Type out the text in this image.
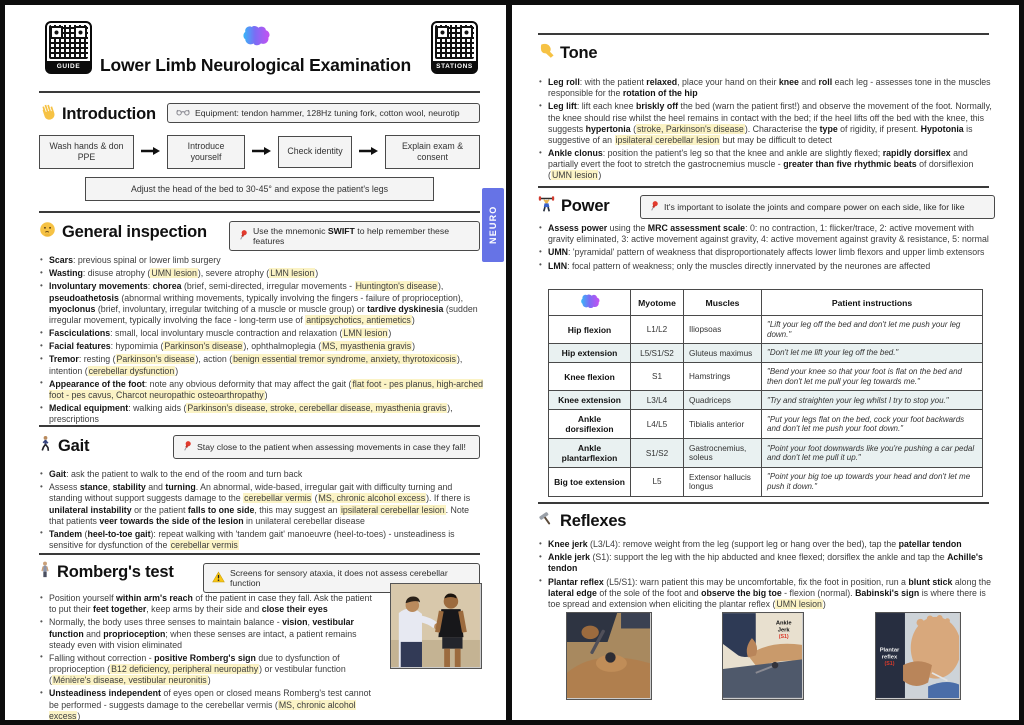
GUIDE	Lower Limb Neurological Examination	STATIONS
Introduction	Equipment: tendon hammer, 128Hz tuning fork, cotton wool, neurotip
Wash hands & don PPE
Introduce yourself
Check identity
Explain exam & consent
Adjust the head of the bed to 30-45° and expose the patient's legs
General inspection	Use the mnemonic SWIFT to help remember these features
• Scars: previous spinal or lower limb surgery
• Wasting: disuse atrophy (UMN lesion), severe atrophy (LMN lesion)
• Involuntary movements: chorea (brief, semi-directed, irregular movements - Huntington's disease), pseudoathetosis (abnormal writhing movements, typically involving the fingers - failure of proprioception), myoclonus (brief, involuntary, irregular twitching of a muscle or muscle group) or tardive dyskinesia (sudden irregular movement, typically involving the face - long-term use of antipsychotics, antiemetics)
• Fasciculations: small, local involuntary muscle contraction and relaxation (LMN lesion)
• Facial features: hypomimia (Parkinson's disease), ophthalmoplegia (MS, myasthenia gravis)
• Tremor: resting (Parkinson's disease), action (benign essential tremor syndrome, anxiety, thyrotoxicosis), intention (cerebellar dysfunction)
• Appearance of the foot: note any obvious deformity that may affect the gait (flat foot - pes planus, high-arched foot - pes cavus, Charcot neuropathic osteoarthropathy)
• Medical equipment: walking aids (Parkinson's disease, stroke, cerebellar disease, myasthenia gravis), prescriptions
Gait	Stay close to the patient when assessing movements in case they fall!
• Gait: ask the patient to walk to the end of the room and turn back
• Assess stance, stability and turning. An abnormal, wide-based, irregular gait with difficulty turning and standing without support suggests damage to the cerebellar vermis (MS, chronic alcohol excess). If there is unilateral instability or the patient falls to one side, this may suggest an ipsilateral cerebellar lesion. Note that patients veer towards the side of the lesion in unilateral cerebellar disease
• Tandem (heel-to-toe gait): repeat walking with 'tandem gait' manoeuvre (heel-to-toes) - unsteadiness is sensitive for dysfunction of the cerebellar vermis
Romberg's test	Screens for sensory ataxia, it does not assess cerebellar function
• Position yourself within arm's reach of the patient in case they fall. Ask the patient to put their feet together, keep arms by their side and close their eyes
• Normally, the body uses three senses to maintain balance - vision, vestibular function and proprioception; when these senses are intact, a patient remains steady even with vision eliminated
• Falling without correction - positive Romberg's sign due to dysfunction of proprioception (B12 deficiency, peripheral neuropathy) or vestibular function (Ménière's disease, vestibular neuronitis)
• Unsteadiness independent of eyes open or closed means Romberg's test cannot be performed - suggests damage to the cerebellar vermis (MS, chronic alcohol excess)
NEURO
Tone
• Leg roll: with the patient relaxed, place your hand on their knee and roll each leg - assesses tone in the muscles responsible for the rotation of the hip
• Leg lift: lift each knee briskly off the bed (warn the patient first!) and observe the movement of the foot. Normally, the knee should rise whilst the heel remains in contact with the bed; if the heel lifts off the bed with the knee, this suggests hypertonia (stroke, Parkinson's disease). Characterise the type of rigidity, if present. Hypotonia is suggestive of an ipsilateral cerebellar lesion but may be difficult to detect
• Ankle clonus: position the patient's leg so that the knee and ankle are slightly flexed; rapidly dorsiflex and partially evert the foot to stretch the gastrocnemius muscle - greater than five rhythmic beats of dorsiflexion (UMN lesion)
Power	It's important to isolate the joints and compare power on each side, like for like
• Assess power using the MRC assessment scale: 0: no contraction, 1: flicker/trace, 2: active movement with gravity eliminated, 3: active movement against gravity, 4: active movement against gravity & resistance, 5: normal
• UMN: 'pyramidal' pattern of weakness that disproportionately affects lower limb flexors and upper limb extensors
• LMN: focal pattern of weakness; only the muscles directly innervated by the neurones are affected
	Myotome	Muscles	Patient instructions
Hip flexion	L1/L2	Iliopsoas	"Lift your leg off the bed and don't let me push your leg down."
Hip extension	L5/S1/S2	Gluteus maximus	"Don't let me lift your leg off the bed."
Knee flexion	S1	Hamstrings	"Bend your knee so that your foot is flat on the bed and then don't let me pull your leg towards me."
Knee extension	L3/L4	Quadriceps	"Try and straighten your leg whilst I try to stop you."
Ankle dorsiflexion	L4/L5	Tibialis anterior	"Put your legs flat on the bed, cock your foot backwards and don't let me push your foot down."
Ankle plantarflexion	S1/S2	Gastrocnemius, soleus	"Point your foot downwards like you're pushing a car pedal and don't let me pull it up."
Big toe extension	L5	Extensor hallucis longus	"Point your big toe up towards your head and don't let me push it down."
Reflexes
• Knee jerk (L3/L4): remove weight from the leg (support leg or hang over the bed), tap the patellar tendon
• Ankle jerk (S1): support the leg with the hip abducted and knee flexed; dorsiflex the ankle and tap the Achille's tendon
• Plantar reflex (L5/S1): warn patient this may be uncomfortable, fix the foot in position, run a blunt stick along the lateral edge of the sole of the foot and observe the big toe - flexion (normal). Babinski's sign is where there is toe spread and extension when eliciting the plantar reflex (UMN lesion)
Ankle
Jerk
(S1)
Plantar
reflex
(S1)
